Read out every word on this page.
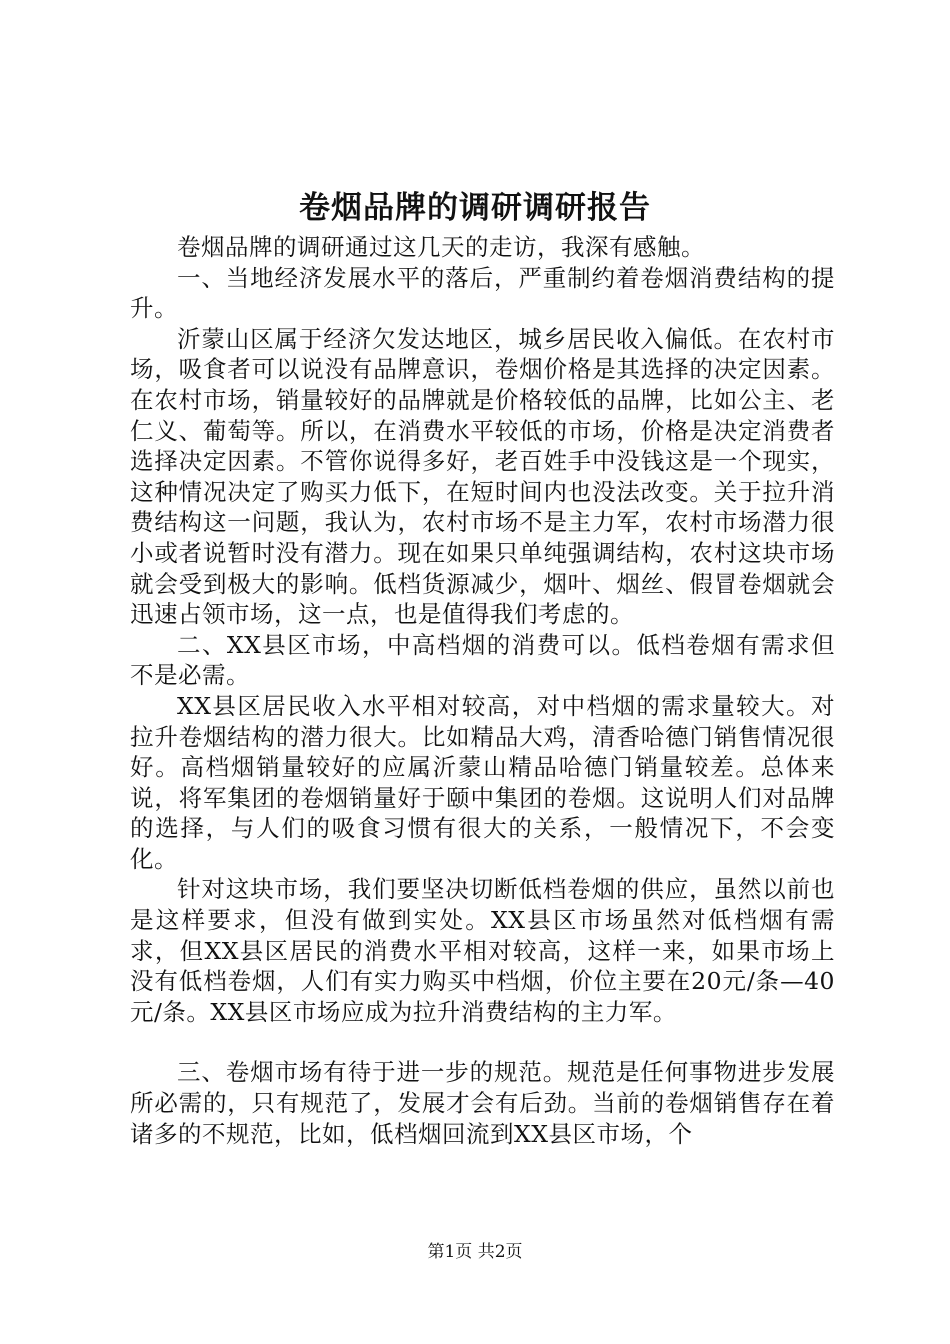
卷烟品牌的调研调研报告

卷烟品牌的调研通过这几天的走访，我深有感触。

一、当地经济发展水平的落后，严重制约着卷烟消费结构的提升。

沂蒙山区属于经济欠发达地区，城乡居民收入偏低。在农村市场，吸食者可以说没有品牌意识，卷烟价格是其选择的决定因素。在农村市场，销量较好的品牌就是价格较低的品牌，比如公主、老仁义、葡萄等。所以，在消费水平较低的市场，价格是决定消费者选择决定因素。不管你说得多好，老百姓手中没钱这是一个现实，这种情况决定了购买力低下，在短时间内也没法改变。关于拉升消费结构这一问题，我认为，农村市场不是主力军，农村市场潜力很小或者说暂时没有潜力。现在如果只单纯强调结构，农村这块市场就会受到极大的影响。低档货源减少，烟叶、烟丝、假冒卷烟就会迅速占领市场，这一点，也是值得我们考虑的。

二、XX县区市场，中高档烟的消费可以。低档卷烟有需求但不是必需。

XX县区居民收入水平相对较高，对中档烟的需求量较大。对拉升卷烟结构的潜力很大。比如精品大鸡，清香哈德门销售情况很好。高档烟销量较好的应属沂蒙山精品哈德门销量较差。总体来说，将军集团的卷烟销量好于颐中集团的卷烟。这说明人们对品牌的选择，与人们的吸食习惯有很大的关系，一般情况下，不会变化。

针对这块市场，我们要坚决切断低档卷烟的供应，虽然以前也是这样要求，但没有做到实处。XX县区市场虽然对低档烟有需求，但XX县区居民的消费水平相对较高，这样一来，如果市场上没有低档卷烟，人们有实力购买中档烟，价位主要在20元/条—40元/条。XX县区市场应成为拉升消费结构的主力军。

三、卷烟市场有待于进一步的规范。规范是任何事物进步发展所必需的，只有规范了，发展才会有后劲。当前的卷烟销售存在着诸多的不规范，比如，低档烟回流到XX县区市场，个

第1页 共2页
